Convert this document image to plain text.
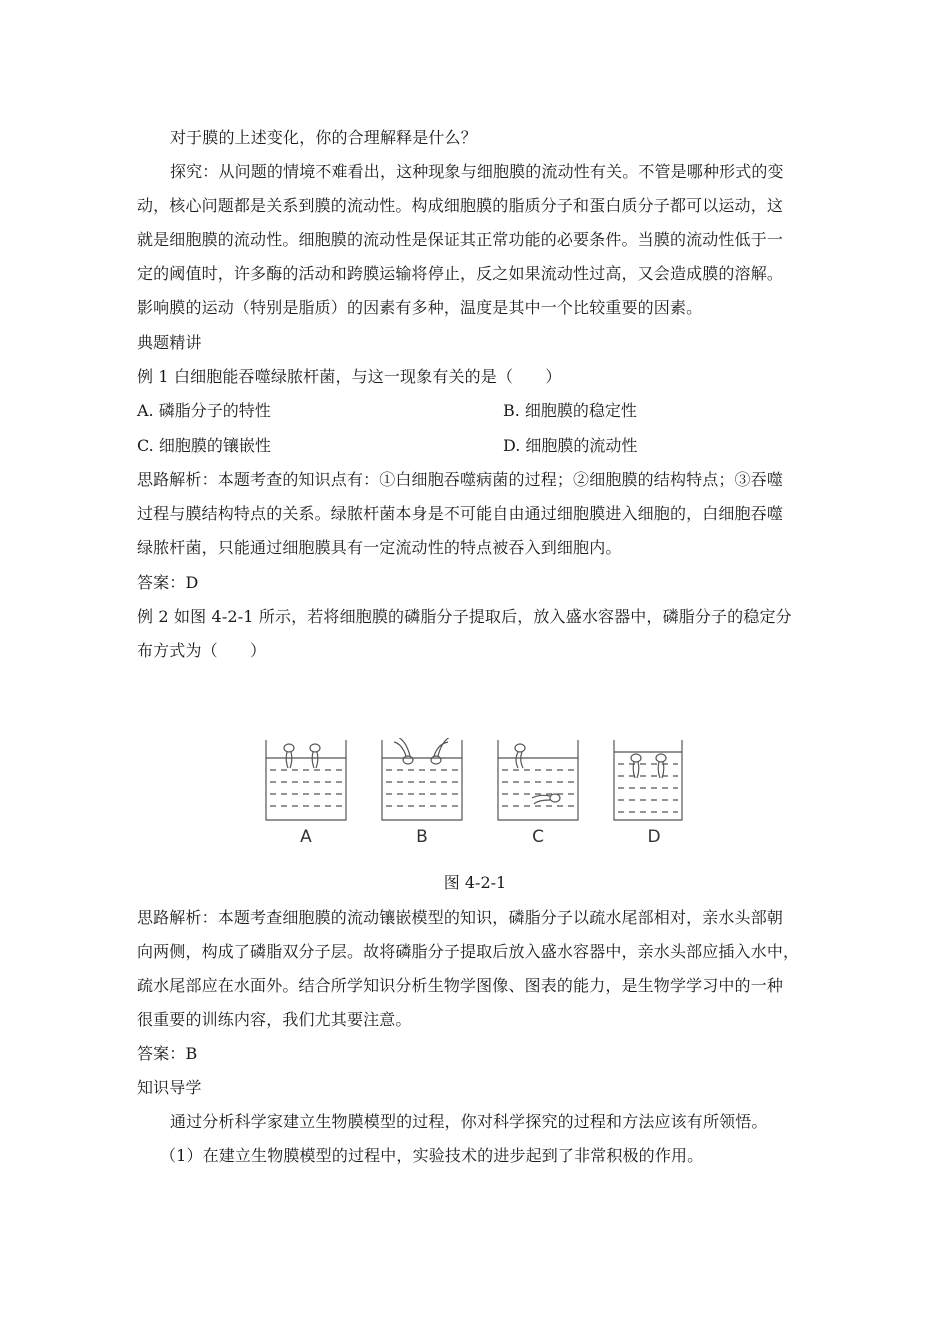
对于膜的上述变化，你的合理解释是什么？
探究：从问题的情境不难看出，这种现象与细胞膜的流动性有关。不管是哪种形式的变
动，核心问题都是关系到膜的流动性。构成细胞膜的脂质分子和蛋白质分子都可以运动，这
就是细胞膜的流动性。细胞膜的流动性是保证其正常功能的必要条件。当膜的流动性低于一
定的阈值时，许多酶的活动和跨膜运输将停止，反之如果流动性过高，又会造成膜的溶解。
影响膜的运动（特别是脂质）的因素有多种，温度是其中一个比较重要的因素。
典题精讲
例 1 白细胞能吞噬绿脓杆菌，与这一现象有关的是（　　）
A. 磷脂分子的特性	B. 细胞膜的稳定性
C. 细胞膜的镶嵌性	D. 细胞膜的流动性
思路解析：本题考查的知识点有：①白细胞吞噬病菌的过程；②细胞膜的结构特点；③吞噬
过程与膜结构特点的关系。绿脓杆菌本身是不可能自由通过细胞膜进入细胞的，白细胞吞噬
绿脓杆菌，只能通过细胞膜具有一定流动性的特点被吞入到细胞内。
答案：D
例 2 如图 4-2-1 所示，若将细胞膜的磷脂分子提取后，放入盛水容器中，磷脂分子的稳定分
布方式为（　　）
A	B	C	D
图 4-2-1
思路解析：本题考查细胞膜的流动镶嵌模型的知识，磷脂分子以疏水尾部相对，亲水头部朝
向两侧，构成了磷脂双分子层。故将磷脂分子提取后放入盛水容器中，亲水头部应插入水中，
疏水尾部应在水面外。结合所学知识分析生物学图像、图表的能力，是生物学学习中的一种
很重要的训练内容，我们尤其要注意。
答案：B
知识导学
通过分析科学家建立生物膜模型的过程，你对科学探究的过程和方法应该有所领悟。
（1）在建立生物膜模型的过程中，实验技术的进步起到了非常积极的作用。
